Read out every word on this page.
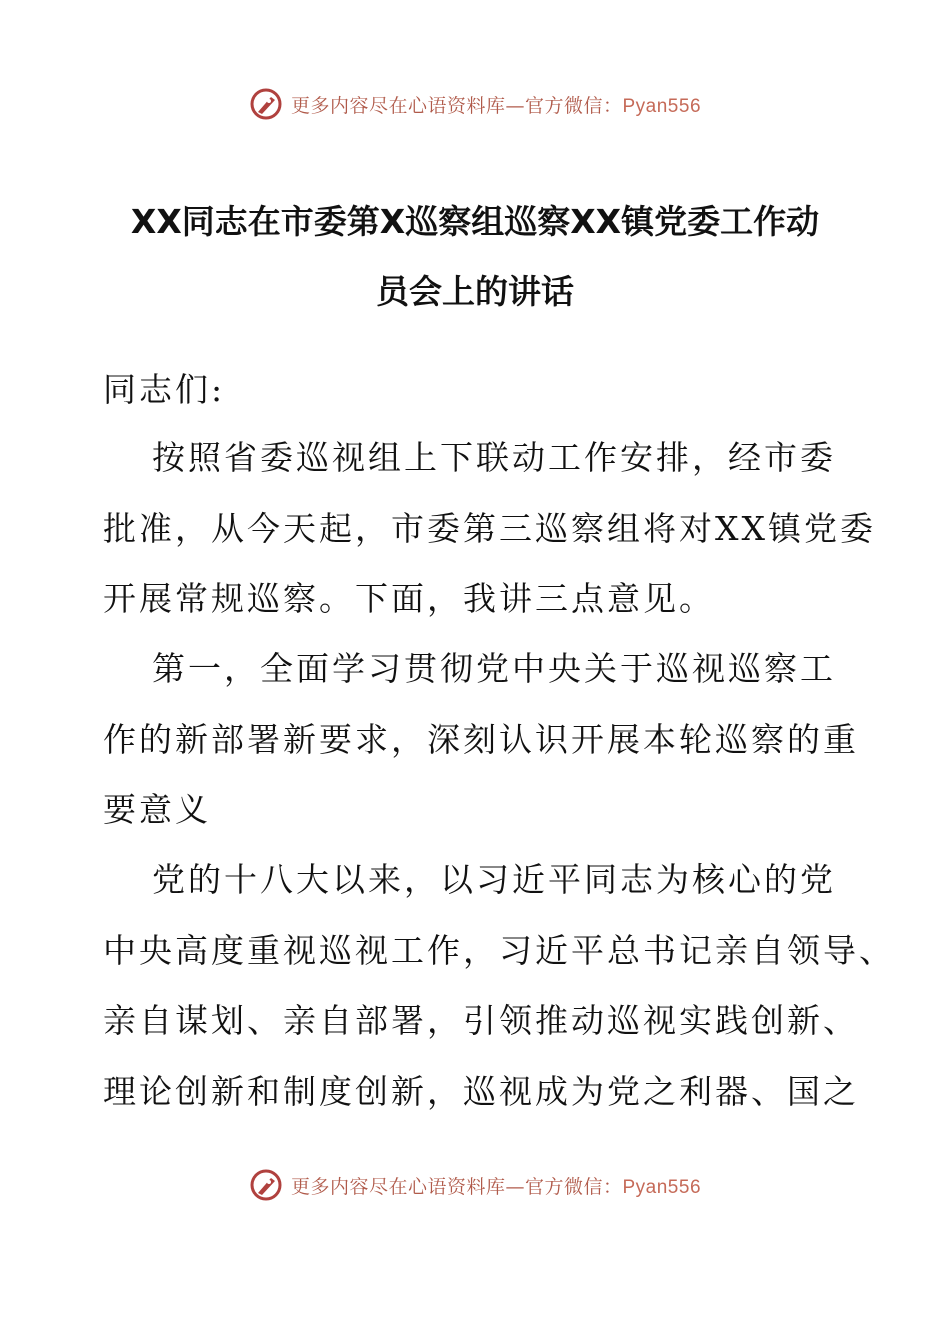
更多内容尽在心语资料库—官方微信：Pyan556
XX同志在市委第X巡察组巡察XX镇党委工作动
员会上的讲话
同志们:
按照省委巡视组上下联动工作安排，经市委
批准，从今天起，市委第三巡察组将对XX镇党委
开展常规巡察。下面，我讲三点意见。
第一，全面学习贯彻党中央关于巡视巡察工
作的新部署新要求，深刻认识开展本轮巡察的重
要意义
党的十八大以来，以习近平同志为核心的党
中央高度重视巡视工作，习近平总书记亲自领导、
亲自谋划、亲自部署，引领推动巡视实践创新、
理论创新和制度创新，巡视成为党之利器、国之
更多内容尽在心语资料库—官方微信：Pyan556
